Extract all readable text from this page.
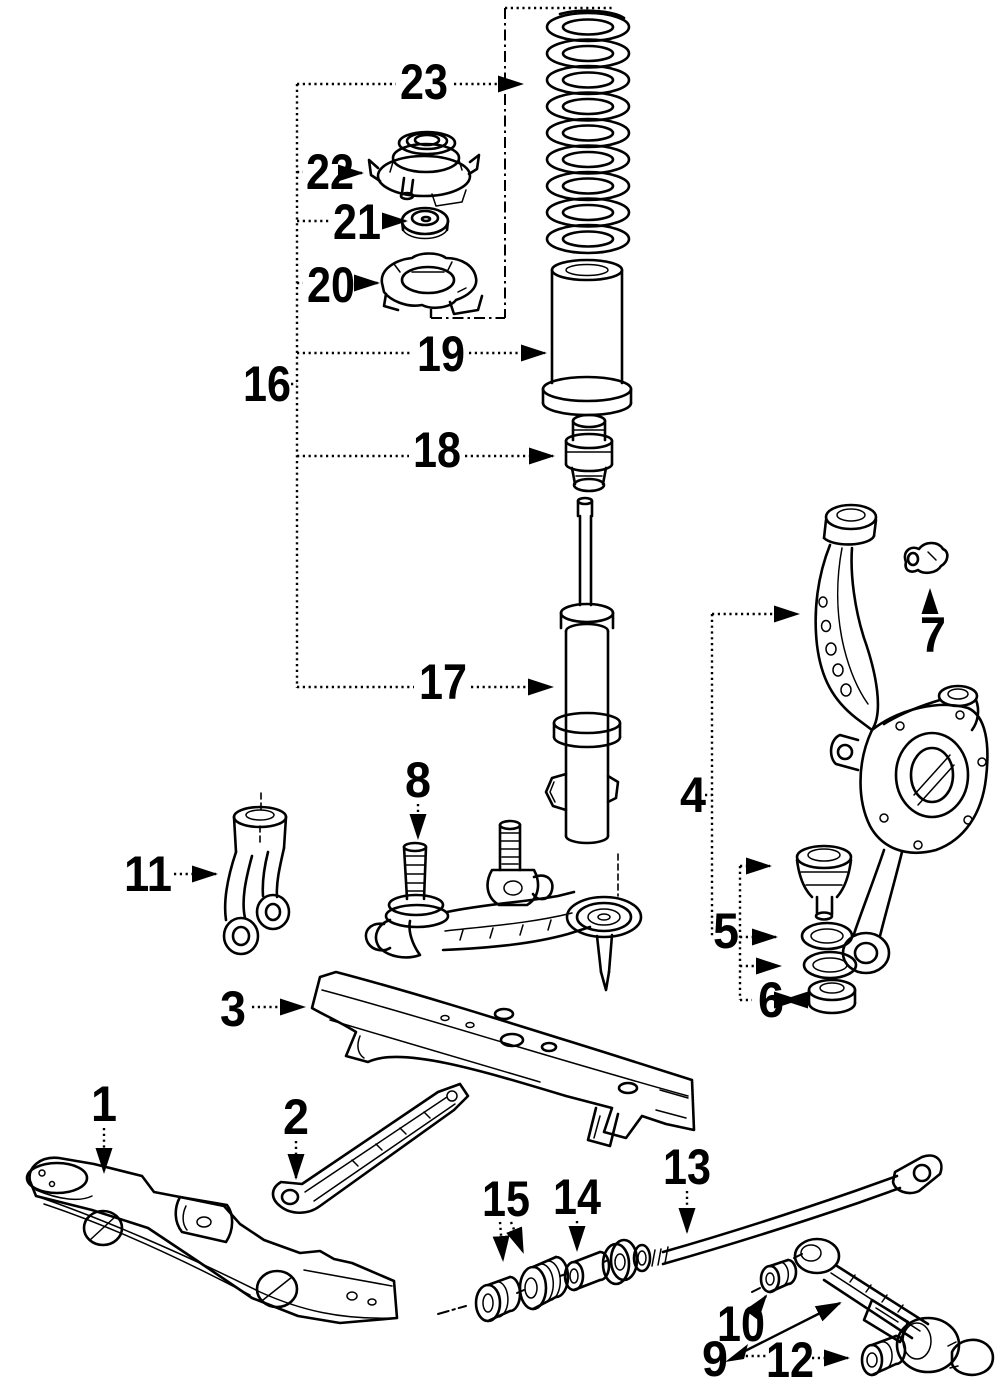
23
22
21
20
16
19
18
17
4
5
6
7
8
11
3
1	2
13
15 14
10
9 12
